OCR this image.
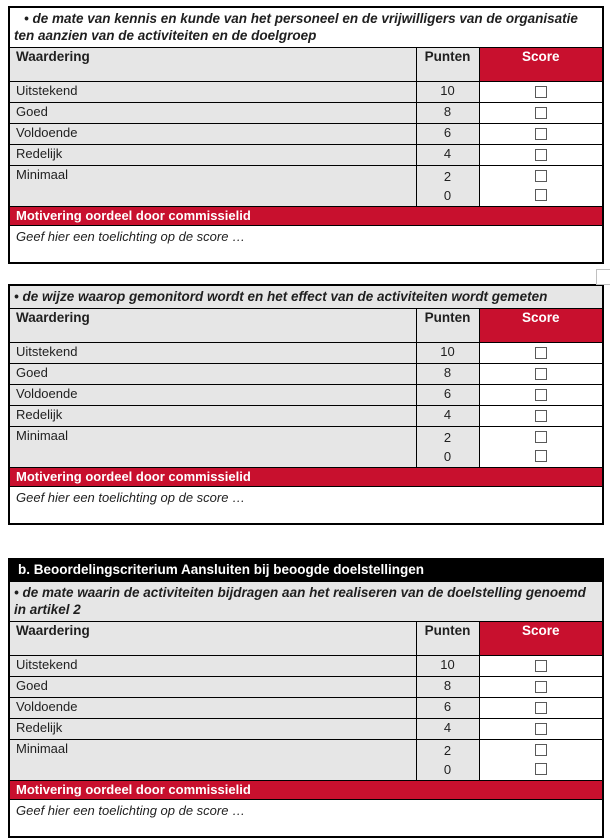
• de mate van kennis en kunde van het personeel en de vrijwilligers van de organisatie ten aanzien van de activiteiten en de doelgroep		
Waardering	Punten	Score
Uitstekend	10	
Goed	8	
Voldoende	6	
Redelijk	4	
Minimaal	2
0	

Motivering oordeel door commissielid		
Geef hier een toelichting op de score …		
• de wijze waarop gemonitord wordt en het effect van de activiteiten wordt gemeten		
Waardering	Punten	Score
Uitstekend	10	
Goed	8	
Voldoende	6	
Redelijk	4	
Minimaal	2
0	

Motivering oordeel door commissielid		
Geef hier een toelichting op de score …		
b. Beoordelingscriterium Aansluiten bij beoogde doelstellingen		
• de mate waarin de activiteiten bijdragen aan het realiseren van de doelstelling genoemd in artikel 2		
Waardering	Punten	Score
Uitstekend	10	
Goed	8	
Voldoende	6	
Redelijk	4	
Minimaal	2
0	

Motivering oordeel door commissielid		
Geef hier een toelichting op de score …		
